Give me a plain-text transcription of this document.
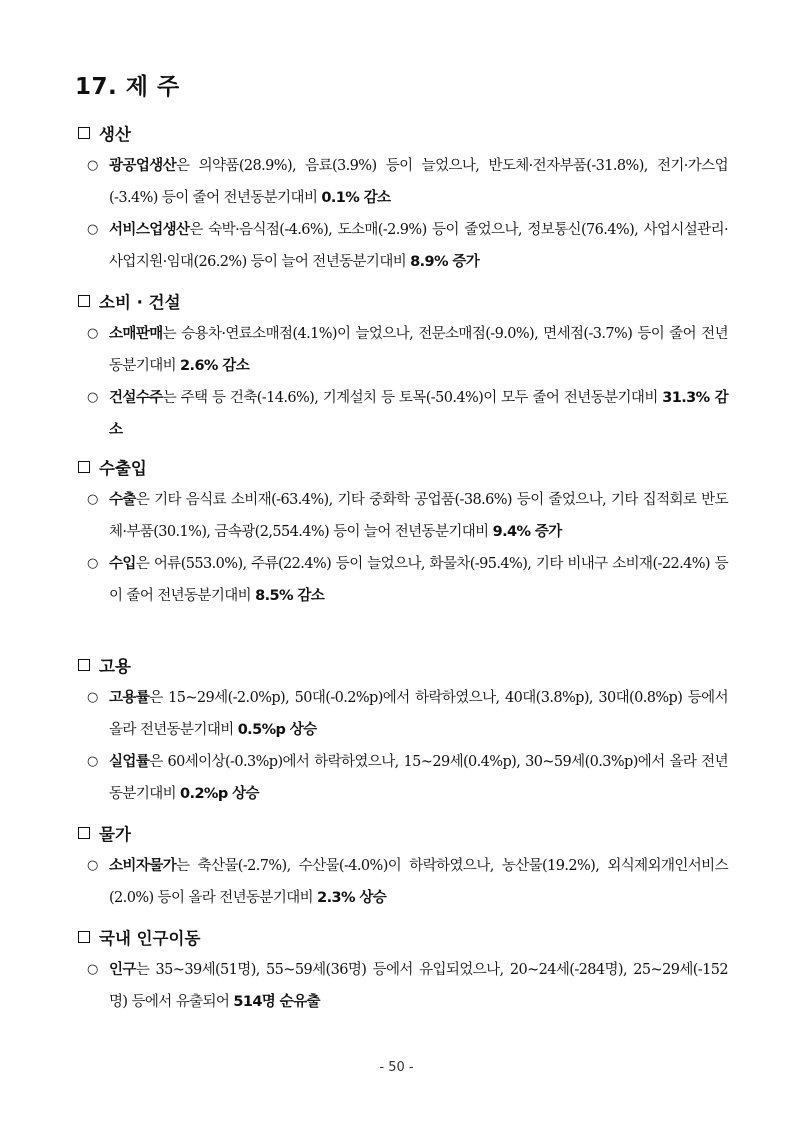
17. 제 주
생산
○ 광공업생산은 의약품(28.9%), 음료(3.9%) 등이 늘었으나, 반도체·전자부품(-31.8%), 전기·가스업(-3.4%) 등이 줄어 전년동분기대비 0.1% 감소
○ 서비스업생산은 숙박·음식점(-4.6%), 도소매(-2.9%) 등이 줄었으나, 정보통신(76.4%), 사업시설관리·사업지원·임대(26.2%) 등이 늘어 전년동분기대비 8.9% 증가
소비 · 건설
○ 소매판매는 승용차·연료소매점(4.1%)이 늘었으나, 전문소매점(-9.0%), 면세점(-3.7%) 등이 줄어 전년동분기대비 2.6% 감소
○ 건설수주는 주택 등 건축(-14.6%), 기계설치 등 토목(-50.4%)이 모두 줄어 전년동분기대비 31.3% 감소
수출입
○ 수출은 기타 음식료 소비재(-63.4%), 기타 중화학 공업품(-38.6%) 등이 줄었으나, 기타 집적회로 반도체·부품(30.1%), 금속광(2,554.4%) 등이 늘어 전년동분기대비 9.4% 증가
○ 수입은 어류(553.0%), 주류(22.4%) 등이 늘었으나, 화물차(-95.4%), 기타 비내구 소비재(-22.4%) 등이 줄어 전년동분기대비 8.5% 감소
고용
○ 고용률은 15~29세(-2.0%p), 50대(-0.2%p)에서 하락하였으나, 40대(3.8%p), 30대(0.8%p) 등에서 올라 전년동분기대비 0.5%p 상승
○ 실업률은 60세이상(-0.3%p)에서 하락하였으나, 15~29세(0.4%p), 30~59세(0.3%p)에서 올라 전년동분기대비 0.2%p 상승
물가
○ 소비자물가는 축산물(-2.7%), 수산물(-4.0%)이 하락하였으나, 농산물(19.2%), 외식제외개인서비스(2.0%) 등이 올라 전년동분기대비 2.3% 상승
국내 인구이동
○ 인구는 35~39세(51명), 55~59세(36명) 등에서 유입되었으나, 20~24세(-284명), 25~29세(-152명) 등에서 유출되어 514명 순유출
- 50 -
